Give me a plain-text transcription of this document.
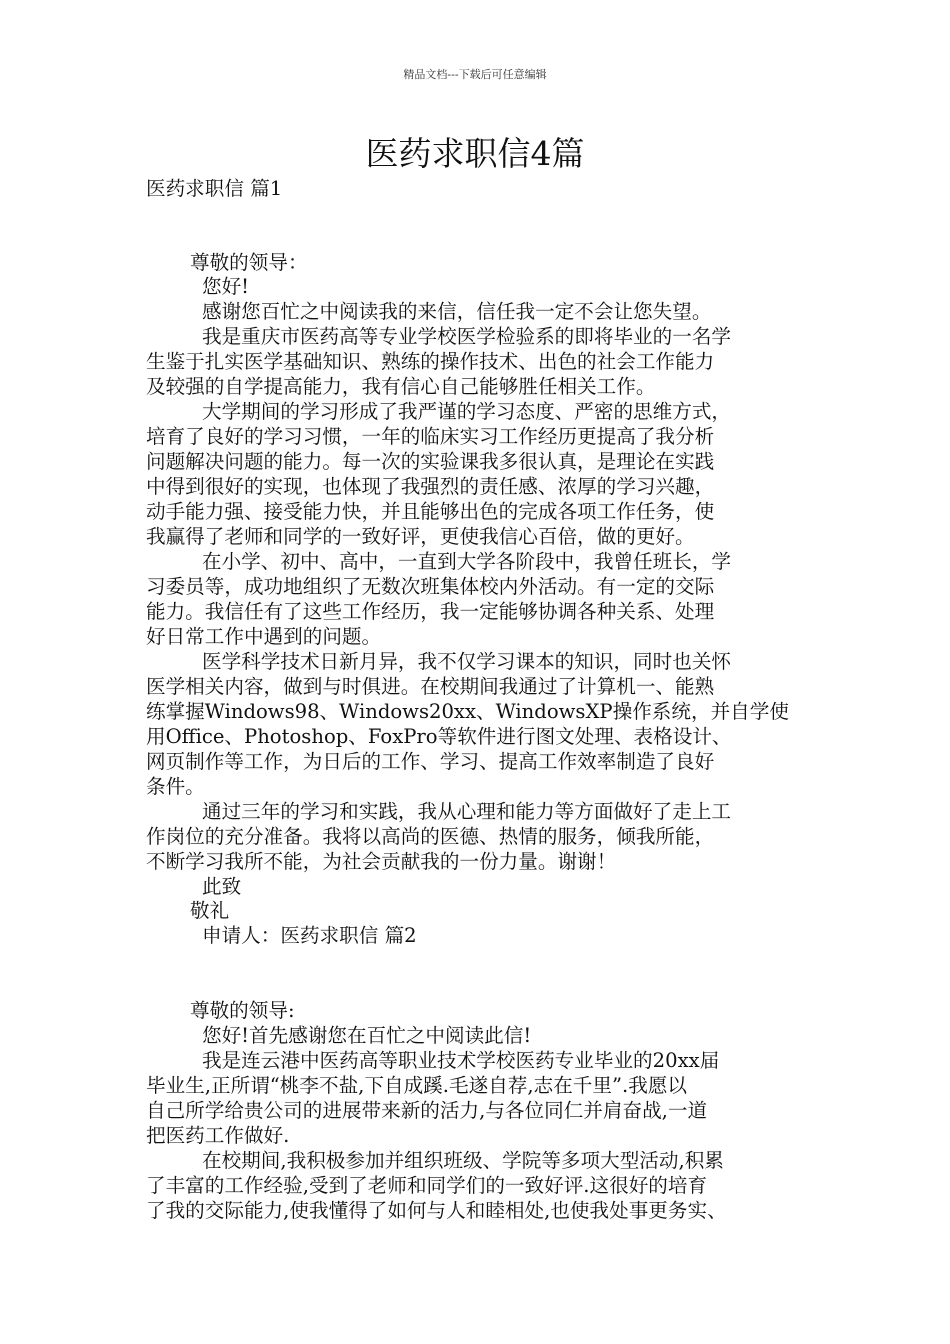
精品文档---下载后可任意编辑
医药求职信4篇
医药求职信 篇1
尊敬的领导：
您好!
感谢您百忙之中阅读我的来信，信任我一定不会让您失望。
我是重庆市医药高等专业学校医学检验系的即将毕业的一名学
生鉴于扎实医学基础知识、熟练的操作技术、出色的社会工作能力
及较强的自学提高能力，我有信心自己能够胜任相关工作。
大学期间的学习形成了我严谨的学习态度、严密的思维方式，
培育了良好的学习习惯，一年的临床实习工作经历更提高了我分析
问题解决问题的能力。每一次的实验课我多很认真，是理论在实践
中得到很好的实现，也体现了我强烈的责任感、浓厚的学习兴趣，
动手能力强、接受能力快，并且能够出色的完成各项工作任务，使
我赢得了老师和同学的一致好评，更使我信心百倍，做的更好。
在小学、初中、高中，一直到大学各阶段中，我曾任班长，学
习委员等，成功地组织了无数次班集体校内外活动。有一定的交际
能力。我信任有了这些工作经历，我一定能够协调各种关系、处理
好日常工作中遇到的问题。
医学科学技术日新月异，我不仅学习课本的知识，同时也关怀
医学相关内容，做到与时俱进。在校期间我通过了计算机一、能熟
练掌握Windows98、Windows20xx、WindowsXP操作系统，并自学使
用Office、Photoshop、FoxPro等软件进行图文处理、表格设计、
网页制作等工作，为日后的工作、学习、提高工作效率制造了良好
条件。
通过三年的学习和实践，我从心理和能力等方面做好了走上工
作岗位的充分准备。我将以高尚的医德、热情的服务，倾我所能，
不断学习我所不能，为社会贡献我的一份力量。谢谢！
此致
敬礼
申请人：医药求职信 篇2
尊敬的领导:
您好!首先感谢您在百忙之中阅读此信!
我是连云港中医药高等职业技术学校医药专业毕业的20xx届
毕业生,正所谓“桃李不盐,下自成蹊.毛遂自荐,志在千里”.我愿以
自己所学给贵公司的进展带来新的活力,与各位同仁并肩奋战,一道
把医药工作做好.
在校期间,我积极参加并组织班级、学院等多项大型活动,积累
了丰富的工作经验,受到了老师和同学们的一致好评.这很好的培育
了我的交际能力,使我懂得了如何与人和睦相处,也使我处事更务实、
